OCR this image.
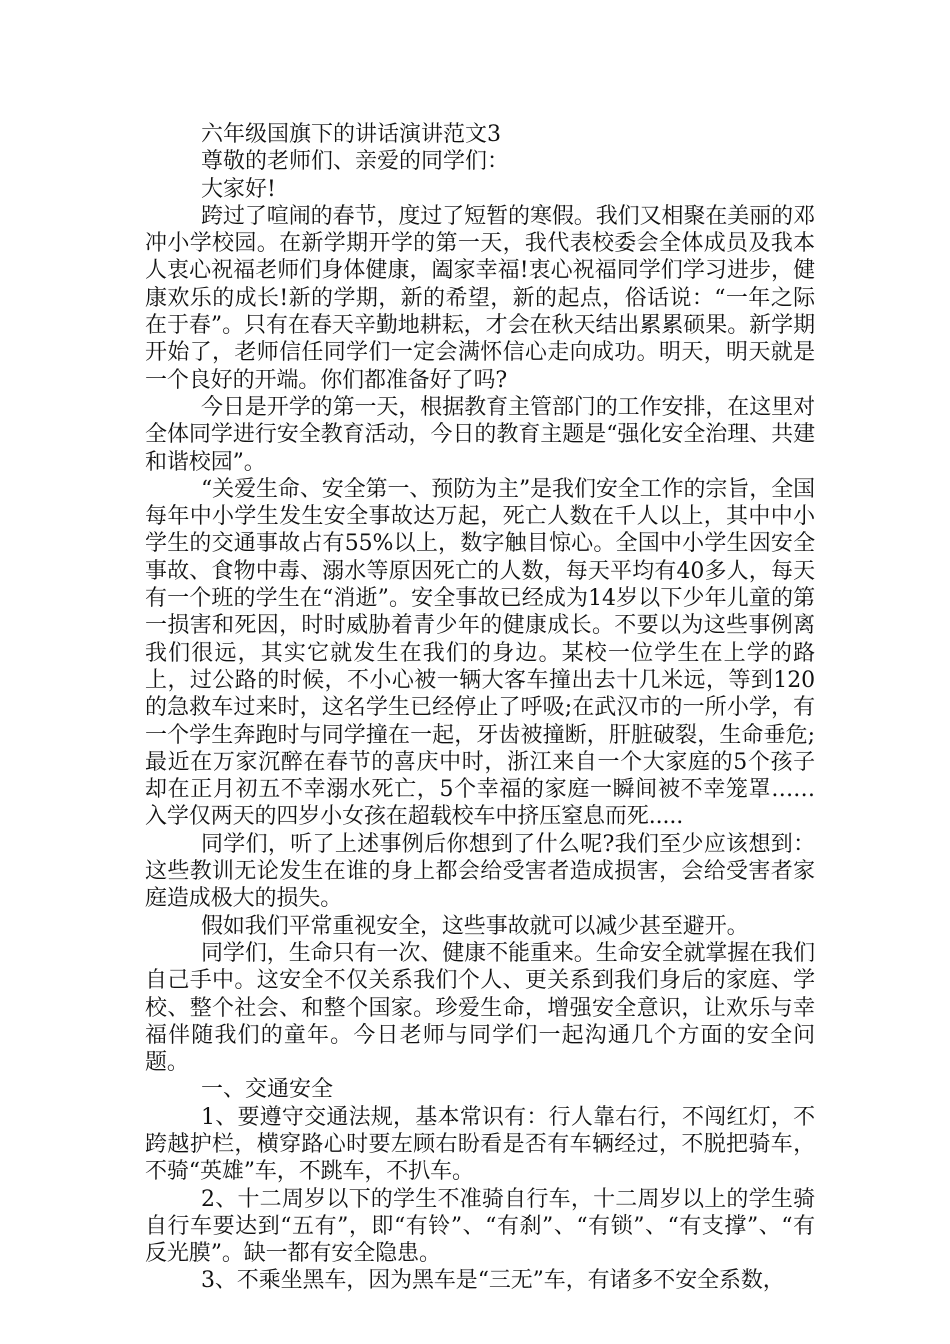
六年级国旗下的讲话演讲范文3

尊敬的老师们、亲爱的同学们：

大家好!

跨过了喧闹的春节，度过了短暂的寒假。我们又相聚在美丽的邓冲小学校园。在新学期开学的第一天，我代表校委会全体成员及我本人衷心祝福老师们身体健康，阖家幸福!衷心祝福同学们学习进步，健康欢乐的成长!新的学期，新的希望，新的起点，俗话说：“一年之际在于春”。只有在春天辛勤地耕耘，才会在秋天结出累累硕果。新学期开始了，老师信任同学们一定会满怀信心走向成功。明天，明天就是一个良好的开端。你们都准备好了吗?

今日是开学的第一天，根据教育主管部门的工作安排，在这里对全体同学进行安全教育活动，今日的教育主题是“强化安全治理、共建和谐校园”。

“关爱生命、安全第一、预防为主”是我们安全工作的宗旨，全国每年中小学生发生安全事故达万起，死亡人数在千人以上，其中中小学生的交通事故占有55%以上，数字触目惊心。全国中小学生因安全事故、食物中毒、溺水等原因死亡的人数，每天平均有40多人，每天有一个班的学生在“消逝”。安全事故已经成为14岁以下少年儿童的第一损害和死因，时时威胁着青少年的健康成长。不要以为这些事例离我们很远，其实它就发生在我们的身边。某校一位学生在上学的路上，过公路的时候，不小心被一辆大客车撞出去十几米远，等到120的急救车过来时，这名学生已经停止了呼吸;在武汉市的一所小学，有一个学生奔跑时与同学撞在一起，牙齿被撞断，肝脏破裂，生命垂危;最近在万家沉醉在春节的喜庆中时，浙江来自一个大家庭的5个孩子却在正月初五不幸溺水死亡，5个幸福的家庭一瞬间被不幸笼罩……入学仅两天的四岁小女孩在超载校车中挤压窒息而死.....

同学们，听了上述事例后你想到了什么呢?我们至少应该想到：这些教训无论发生在谁的身上都会给受害者造成损害，会给受害者家庭造成极大的损失。

假如我们平常重视安全，这些事故就可以减少甚至避开。

同学们，生命只有一次、健康不能重来。生命安全就掌握在我们自己手中。这安全不仅关系我们个人、更关系到我们身后的家庭、学校、整个社会、和整个国家。珍爱生命，增强安全意识，让欢乐与幸福伴随我们的童年。今日老师与同学们一起沟通几个方面的安全问题。

一、交通安全

1、要遵守交通法规，基本常识有：行人靠右行，不闯红灯，不跨越护栏，横穿路心时要左顾右盼看是否有车辆经过，不脱把骑车，不骑“英雄”车，不跳车，不扒车。

2、十二周岁以下的学生不准骑自行车，十二周岁以上的学生骑自行车要达到“五有”，即“有铃”、“有刹”、“有锁”、“有支撑”、“有反光膜”。缺一都有安全隐患。

3、不乘坐黑车，因为黑车是“三无”车，有诸多不安全系数，
